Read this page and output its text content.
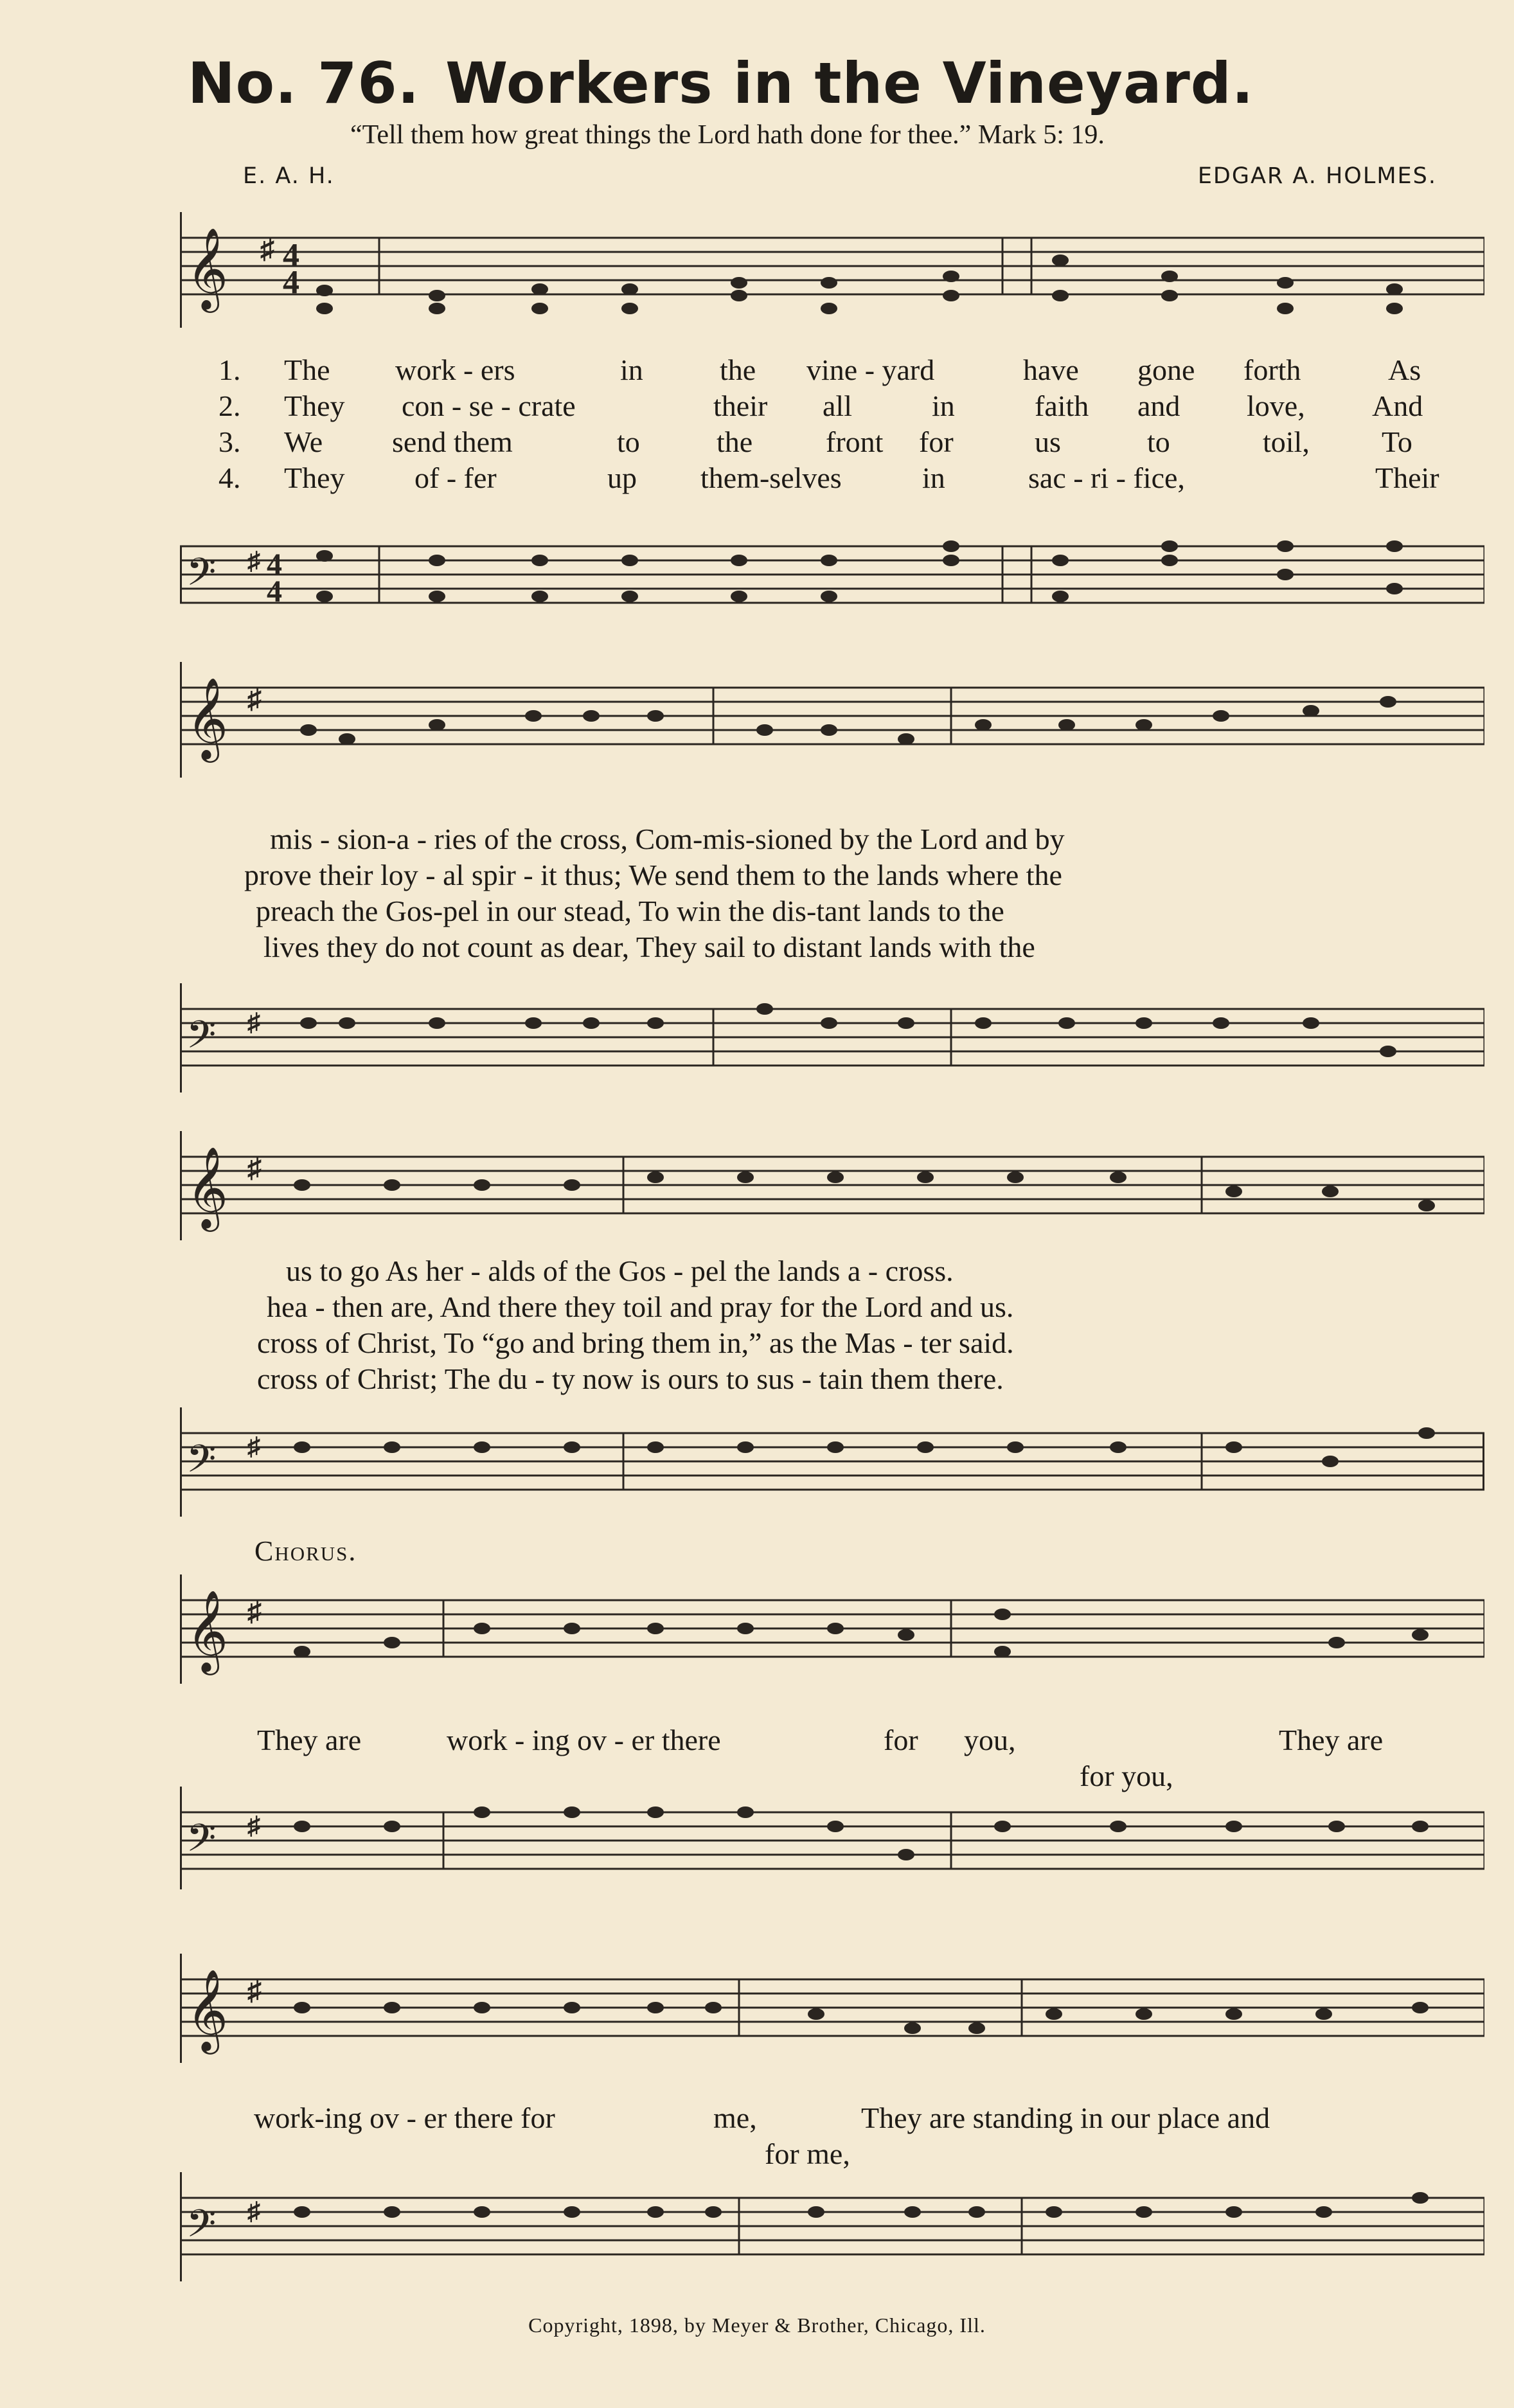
No. 76. Workers in the Vineyard.
“Tell them how great things the Lord hath done for thee.” Mark 5: 19.
E. A. H.	EDGAR A. HOLMES.
𝄞 ♯ 4
4
1. The work - ers	in	the vine - yard	have gone forth	As
2. They con - se - crate	their all	in	faith and love, And
3. We send them	to	the front for	us	to	toil, To
4. They of - fer	up them-selves	in	sac - ri - fice,	Their
𝄢 ♯ 4
4
𝄞 ♯
mis - sion-a - ries of the cross, Com-mis-sioned by the Lord and by
prove their loy - al spir - it thus; We send them to the lands where the
preach the Gos-pel in our stead, To win the dis-tant lands to the
lives they do not count as dear, They sail to distant lands with the
𝄢 ♯
𝄞 ♯
us to go As her - alds of the Gos - pel the lands a - cross.
hea - then are, And there they toil and pray for the Lord and us.
cross of Christ, To “go and bring them in,” as the Mas - ter said.
cross of Christ; The du - ty now is ours to sus - tain them there.
𝄢 ♯
Chorus.
𝄞 ♯
They are	work - ing ov - er there	for you,	They are
for you,
𝄢 ♯
𝄞 ♯
work-ing ov - er there for	me,	They are standing in our place and
for me,
𝄢 ♯
Copyright, 1898, by Meyer & Brother, Chicago, Ill.
